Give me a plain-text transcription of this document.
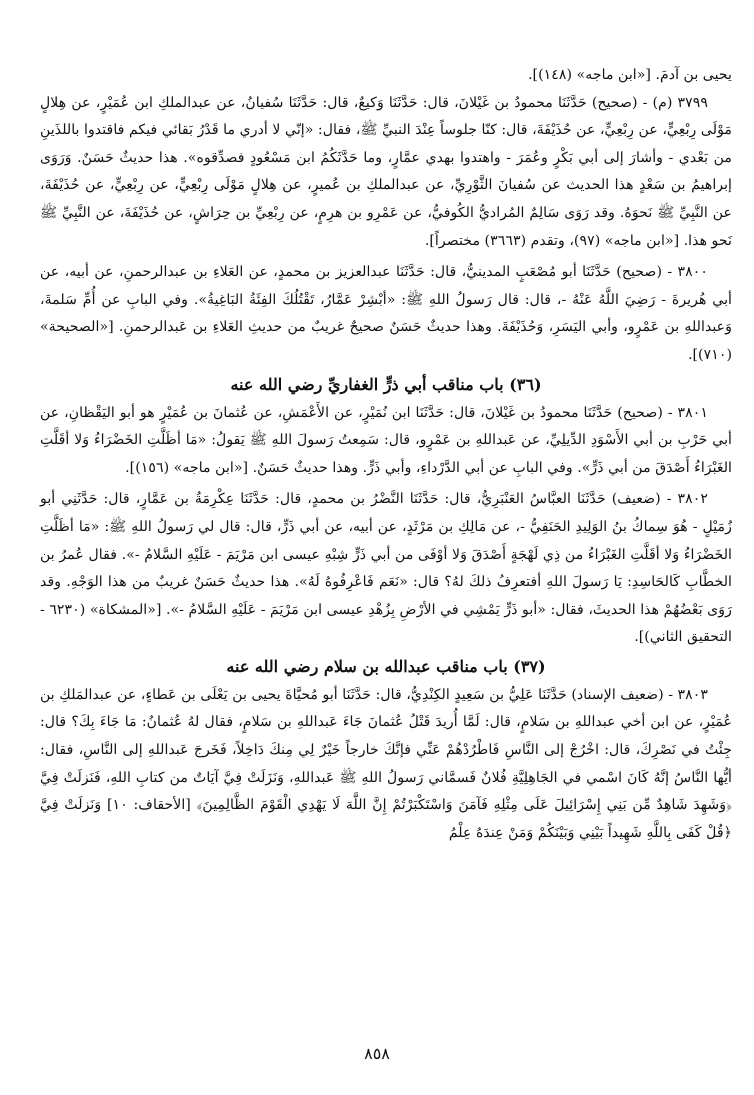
يحيى بن آدمَ. [«ابن ماجه» (١٤٨)].

٣٧٩٩ (م) - (صحيح) حَدَّثَنَا محمودُ بن غَيْلانَ، قال: حَدَّثَنَا وَكيعٌ، قال: حَدَّثَنَا سُفيانُ، عن عبدالملكِ ابن عُمَيْرٍ، عن هِلالٍ مَوْلَى رِبْعِيٍّ، عن رِبْعِيٍّ، عن حُذَيْفَةَ، قال: كنّا جلوساً عِنْدَ النبيِّ ﷺ، فقال: «إنّي لا أدري ما قَدْرُ بَقائي فيكم فاقتدوا باللذَينِ من بَعْدي - وأشارَ إلى أبي بَكْرٍ وعُمَرَ - واهتدوا بهدي عمَّارٍ، وما حَدَّثَكُمُ ابن مَسْعُودٍ فصدِّقوه». هذا حديثٌ حَسَنٌ. وَرَوَى إبراهيمُ بن سَعْدٍ هذا الحديث عن سُفيانَ الثَّوْرِيِّ، عن عبدالملكِ بن عُميرٍ، عن هِلالٍ مَوْلَى رِبْعِيٍّ، عن رِبْعِيٍّ، عن حُذَيْفَةَ، عن النَّبِيِّ ﷺ نَحوَهُ. وقد رَوَى سَالِمٌ المُراديُّ الكُوفيُّ، عن عَمْرِو بن هرِمٍ، عن رِبْعِيِّ بن حِرَاشٍ، عن حُذَيْفَةَ، عن النَّبِيِّ ﷺ نَحو هذا. [«ابن ماجه» (٩٧)، وتقدم (٣٦٦٣) مختصراً].

٣٨٠٠ - (صحيح) حَدَّثَنَا أبو مُصْعَبٍ المدينيُّ، قال: حَدَّثَنَا عبدالعزيز بن محمدٍ، عن العَلاءِ بن عبدالرحمنِ، عن أبيه، عن أبي هُريرةَ - رَضِيَ اللَّهُ عَنْهُ -، قال: قال رَسولُ اللهِ ﷺ: «أبْشِرْ عَمَّارُ، تَقْتُلُكَ الفِئَةُ البَاغِيةُ». وفي البابِ عن أُمِّ سَلمةَ، وَعبداللهِ بن عَمْرٍو، وأبي اليَسَرِ، وَحُذَيْفَةَ. وهذا حديثٌ حَسَنٌ صحيحٌ غريبٌ من حديثِ العَلاءِ بن عَبدالرحمنِ. [«الصحيحة» (٧١٠)].

(٣٦) باب مناقب أبي ذرٍّ الغفاريِّ رضي الله عنه

٣٨٠١ - (صحيح) حَدَّثَنَا محمودُ بن غَيْلانَ، قال: حَدَّثَنَا ابن نُمَيْرٍ، عن الأَعْمَشِ، عن عُثمانَ بن عُمَيْرٍ هو أبو اليَقْظانِ، عن أبي حَرْبِ بن أبي الأَسْوَدِ الدِّيلِيِّ، عن عَبداللهِ بن عَمْرٍو، قال: سَمِعتُ رَسولَ اللهِ ﷺ يَقولُ: «مَا أظَلَّتِ الخَضْرَاءُ وَلا أقَلَّتِ الغَبْرَاءُ أَصْدَقَ من أبي ذَرٍّ». وفي البابِ عن أبي الدَّرْداءِ، وأبي ذَرٍّ. وهذا حديثٌ حَسَنٌ. [«ابن ماجه» (١٥٦)].

٣٨٠٢ - (ضعيف) حَدَّثَنَا العبَّاسُ العَنْبَرِيُّ، قال: حَدَّثَنَا النَّضْرُ بن محمدٍ، قال: حَدَّثَنَا عِكْرِمَةُ بن عَمَّارٍ، قال: حَدَّثَنِي أبو زُمَيْلٍ - هُوَ سِماكُ بنُ الوَلِيدِ الحَنَفِيُّ -، عن مَالِكِ بن مَرْثَدٍ، عن أبيه، عن أبي ذَرٍّ، قال: قال لي رَسولُ اللهِ ﷺ: «مَا أظَلَّتِ الخَضْرَاءُ وَلا أقَلَّتِ الغَبْرَاءُ من ذِي لَهْجَةٍ أَصْدَقَ وَلا أوْفَى من أبي ذَرٍّ شِبْهِ عيسى ابن مَرْيَمَ - عَلَيْهِ السَّلامُ -». فقال عُمرُ بن الخطَّابِ كَالحَاسِدِ: يَا رَسولَ اللهِ أفتعرِفُ ذلكَ لهُ؟ قال: «نَعَم فَاعْرِفُوهُ لَهُ». هذا حديثٌ حَسَنٌ غريبٌ من هذا الوَجْهِ. وقد رَوَى بَعْضُهُمْ هذا الحديثَ، فقال: «أبو ذَرٍّ يَمْشِي في الأرْضِ بِزُهْدِ عيسى ابن مَرْيَمَ - عَلَيْهِ السَّلامُ -». [«المشكاة» (٦٢٣٠ - التحقيق الثاني)].

(٣٧) باب مناقب عبدالله بن سلام رضي الله عنه

٣٨٠٣ - (ضعيف الإسناد) حَدَّثَنَا عَلِيُّ بن سَعِيدٍ الكِنْدِيُّ، قال: حَدَّثَنَا أبو مُحيَّاةَ يحيى بن يَعْلَى بن عَطاءٍ، عن عبدالمَلكِ بن عُمَيْرٍ، عن ابن أخي عبداللهِ بن سَلامٍ، قال: لَمَّا أُريدَ قَتْلُ عُثمانَ جَاءَ عَبداللهِ بن سَلامٍ، فقال لهُ عُثمانُ: مَا جَاءَ بِكَ؟ قال: جِئْتُ في نَصْرِكَ، قال: اخْرُجْ إلى النَّاسِ فَاطْرُدْهُمْ عَنِّي فإنَّكَ خارجاً خَيْرٌ لِي مِنكَ دَاخِلاً، فَخَرجَ عَبداللهِ إلى النَّاسِ، فقال: أيُّها النَّاسُ إنَّهُ كَانَ اسْمي في الجَاهِلِيَّةِ فُلانٌ فَسمَّاني رَسولُ اللهِ ﷺ عَبداللهِ، وَنَزَلَتْ فِيَّ آيَاتٌ من كتابِ اللهِ، فَنَزلَتْ فِيَّ ﴿وَشَهِدَ شَاهِدٌ مِّن بَنِي إِسْرَائِيلَ عَلَى مِثْلِهِ فَآمَنَ وَاسْتَكْبَرْتُمْ إِنَّ اللَّهَ لَا يَهْدِي الْقَوْمَ الظَّالِمِينَ﴾ [الأحقاف: ١٠] وَنَزلَتْ فِيَّ ﴿قُلْ كَفَى بِاللَّهِ شَهِيداً بَيْنِي وَبَيْنَكُمْ وَمَنْ عِندَهُ عِلْمُ

٨٥٨
